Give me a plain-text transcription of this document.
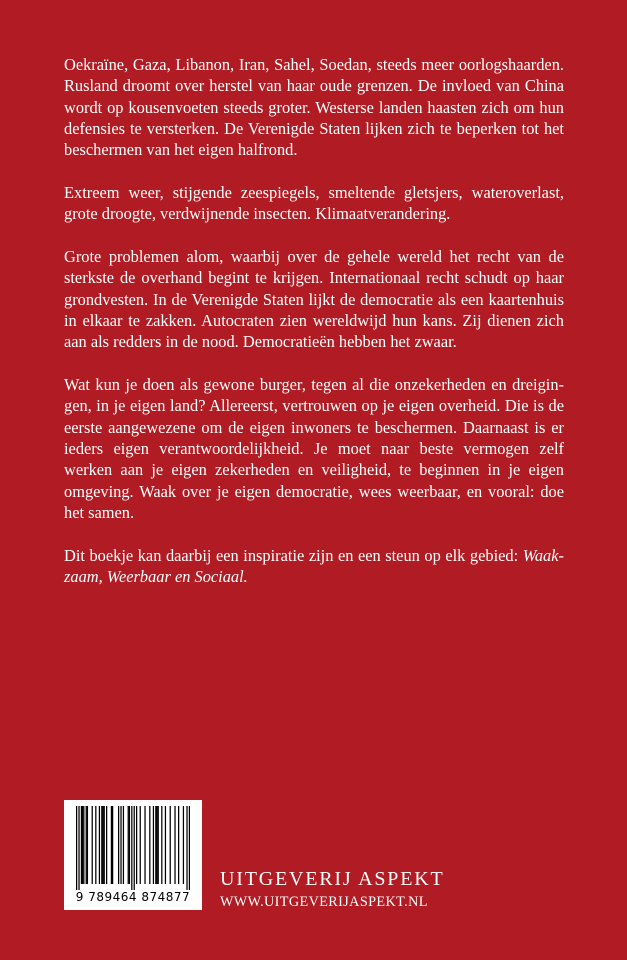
Oekraïne, Gaza, Libanon, Iran, Sahel, Soedan, steeds meer oorlogshaarden. Rusland droomt over herstel van haar oude grenzen. De invloed van China wordt op kousenvoeten steeds groter. Westerse landen haasten zich om hun defensies te versterken. De Verenigde Staten lijken zich te beperken tot het beschermen van het eigen halfrond.

Extreem weer, stijgende zeespiegels, smeltende gletsjers, wateroverlast, grote droogte, verdwijnende insecten. Klimaatverandering.

Grote problemen alom, waarbij over de gehele wereld het recht van de sterkste de overhand begint te krijgen. Internationaal recht schudt op haar grondvesten. In de Verenigde Staten lijkt de democratie als een kaartenhuis in elkaar te zakken. Autocraten zien wereldwijd hun kans. Zij dienen zich aan als redders in de nood. Democratieën hebben het zwaar.

Wat kun je doen als gewone burger, tegen al die onzekerheden en dreigingen, in je eigen land? Allereerst, vertrouwen op je eigen overheid. Die is de eerste aangewezene om de eigen inwoners te beschermen. Daarnaast is er ieders eigen verantwoordelijkheid. Je moet naar beste vermogen zelf werken aan je eigen zekerheden en veiligheid, te beginnen in je eigen omgeving. Waak over je eigen democratie, wees weerbaar, en vooral: doe het samen.

Dit boekje kan daarbij een inspiratie zijn en een steun op elk gebied: Waakzaam, Weerbaar en Sociaal.

9 789464 874877
UITGEVERIJ ASPEKT
WWW.UITGEVERIJASPEKT.NL
